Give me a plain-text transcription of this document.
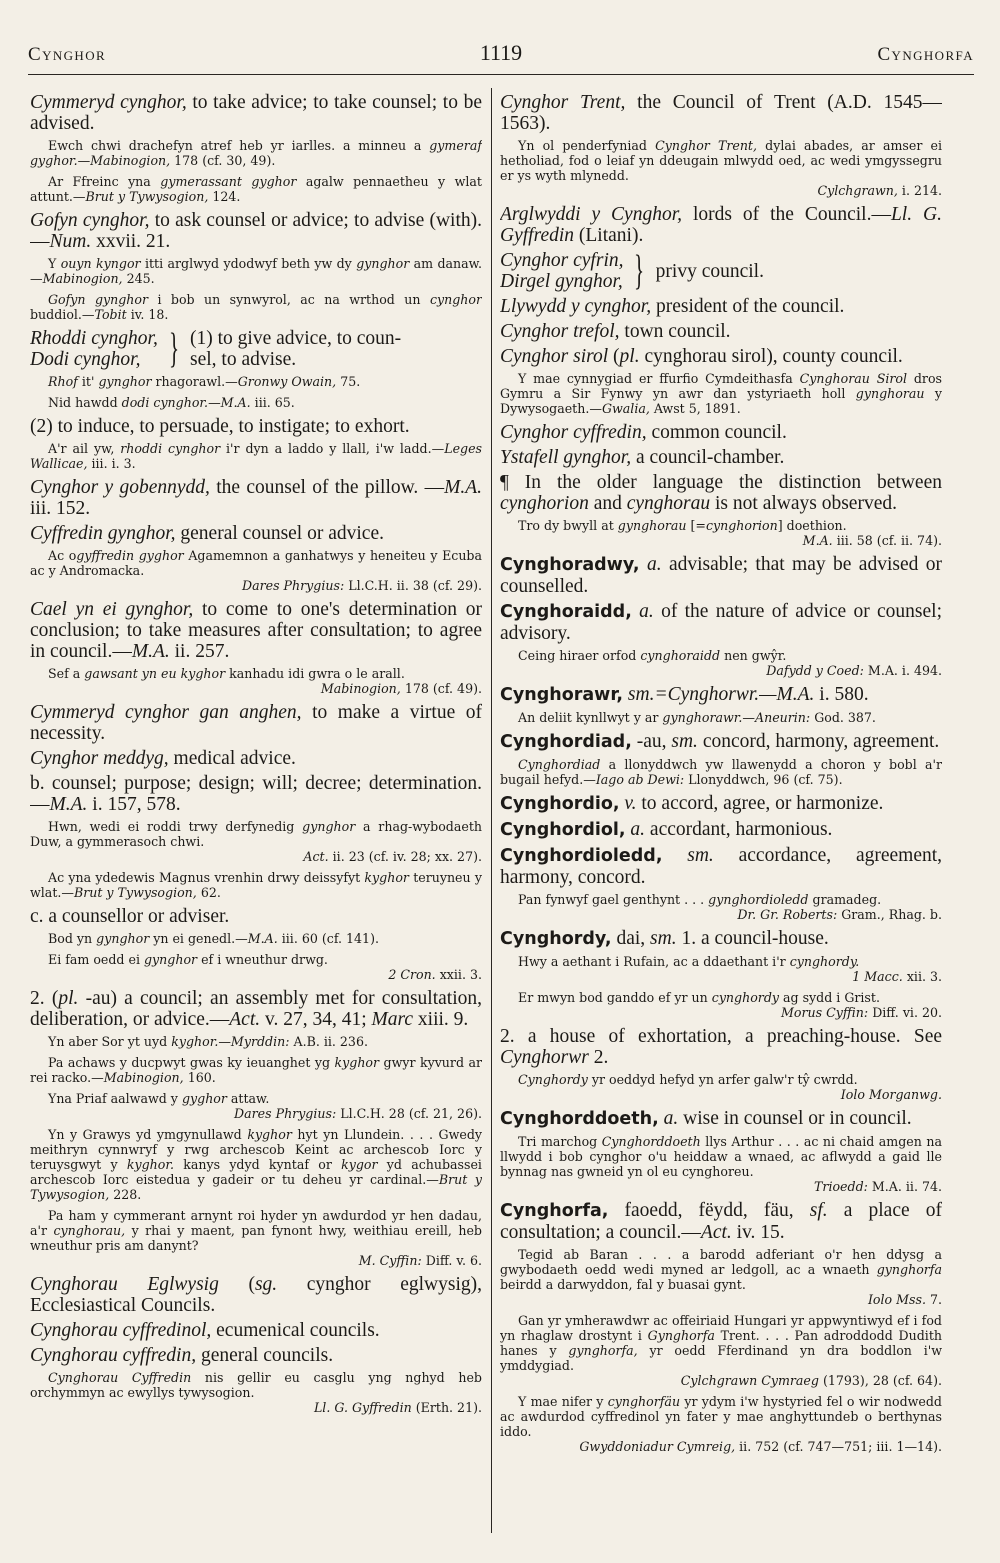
Cynghor	1119	Cynghorfa

Cymmeryd cynghor, to take advice; to take counsel; to be advised.

Ewch chwi drachefyn atref heb yr iarlles. a minneu a gymeraf gyghor.—Mabinogion, 178 (cf. 30, 49).

Ar Ffreinc yna gymerassant gyghor agalw pennaetheu y wlat attunt.—Brut y Tywysogion, 124.

Gofyn cynghor, to ask counsel or advice; to advise (with).—Num. xxvii. 21.

Y ouyn kyngor itti arglwyd ydodwyf beth yw dy gynghor am danaw.—Mabinogion, 245.

Gofyn gynghor i bob un synwyrol, ac na wrthod un cynghor buddiol.—Tobit iv. 18.

Rhoddi cynghor,
Dodi cynghor, } (1) to give advice, to coun-
sel, to advise.

Rhof it' gynghor rhagorawl.—Gronwy Owain, 75.

Nid hawdd dodi cynghor.—M.A. iii. 65.

(2) to induce, to persuade, to instigate; to exhort.

A'r ail yw, rhoddi cynghor i'r dyn a laddo y llall, i'w ladd.—Leges Wallicae, iii. i. 3.

Cynghor y gobennydd, the counsel of the pillow. —M.A. iii. 152.

Cyffredin gynghor, general counsel or advice.

Ac ogyffredin gyghor Agamemnon a ganhatwys y heneiteu y Ecuba ac y Andromacka.
Dares Phrygius: Ll.C.H. ii. 38 (cf. 29).

Cael yn ei gynghor, to come to one's determination or conclusion; to take measures after consultation; to agree in council.—M.A. ii. 257.

Sef a gawsant yn eu kyghor kanhadu idi gwra o le arall.
Mabinogion, 178 (cf. 49).

Cymmeryd cynghor gan anghen, to make a virtue of necessity.

Cynghor meddyg, medical advice.

b. counsel; purpose; design; will; decree; determination.—M.A. i. 157, 578.

Hwn, wedi ei roddi trwy derfynedig gynghor a rhag-wybodaeth Duw, a gymmerasoch chwi.
Act. ii. 23 (cf. iv. 28; xx. 27).

Ac yna ydedewis Magnus vrenhin drwy deissyfyt kyghor teruyneu y wlat.—Brut y Tywysogion, 62.

c. a counsellor or adviser.

Bod yn gynghor yn ei genedl.—M.A. iii. 60 (cf. 141).

Ei fam oedd ei gynghor ef i wneuthur drwg.
2 Cron. xxii. 3.

2. (pl. -au) a council; an assembly met for consultation, deliberation, or advice.—Act. v. 27, 34, 41; Marc xiii. 9.

Yn aber Sor yt uyd kyghor.—Myrddin: A.B. ii. 236.

Pa achaws y ducpwyt gwas ky ieuanghet yg kyghor gwyr kyvurd ar rei racko.—Mabinogion, 160.

Yna Priaf aalwawd y gyghor attaw.
Dares Phrygius: Ll.C.H. 28 (cf. 21, 26).

Yn y Grawys yd ymgynullawd kyghor hyt yn Llundein. . . . Gwedy meithryn cynnwryf y rwg archescob Keint ac archescob Iorc y teruysgwyt y kyghor. kanys ydyd kyntaf or kygor yd achubassei archescob Iorc eistedua y gadeir or tu deheu yr cardinal.—Brut y Tywysogion, 228.

Pa ham y cymmerant arnynt roi hyder yn awdurdod yr hen dadau, a'r cynghorau, y rhai y maent, pan fynont hwy, weithiau ereill, heb wneuthur pris am danynt?
M. Cyffin: Diff. v. 6.

Cynghorau Eglwysig (sg. cynghor eglwysig), Ecclesiastical Councils.

Cynghorau cyffredinol, ecumenical councils.

Cynghorau cyffredin, general councils.

Cynghorau Cyffredin nis gellir eu casglu yng nghyd heb orchymmyn ac ewyllys tywysogion.
Ll. G. Gyffredin (Erth. 21).

Cynghor Trent, the Council of Trent (A.D. 1545—1563).

Yn ol penderfyniad Cynghor Trent, dylai abades, ar amser ei hetholiad, fod o leiaf yn ddeugain mlwydd oed, ac wedi ymgyssegru er ys wyth mlynedd.
Cylchgrawn, i. 214.

Arglwyddi y Cynghor, lords of the Council.—Ll. G. Gyffredin (Litani).

Cynghor cyfrin,
Dirgel gynghor, } privy council.

Llywydd y cynghor, president of the council.

Cynghor trefol, town council.

Cynghor sirol (pl. cynghorau sirol), county council.

Y mae cynnygiad er ffurfio Cymdeithasfa Cynghorau Sirol dros Gymru a Sir Fynwy yn awr dan ystyriaeth holl gynghorau y Dywysogaeth.—Gwalia, Awst 5, 1891.

Cynghor cyffredin, common council.

Ystafell gynghor, a council-chamber.

¶ In the older language the distinction between cynghorion and cynghorau is not always observed.

Tro dy bwyll at gynghorau [=cynghorion] doethion.
M.A. iii. 58 (cf. ii. 74).

Cynghoradwy, a. advisable; that may be advised or counselled.

Cynghoraidd, a. of the nature of advice or counsel; advisory.

Ceing hiraer orfod cynghoraidd nen gwŷr.
Dafydd y Coed: M.A. i. 494.

Cynghorawr, sm.=Cynghorwr.—M.A. i. 580.

An deliit kynllwyt y ar gynghorawr.—Aneurin: God. 387.

Cynghordiad, -au, sm. concord, harmony, agreement.

Cynghordiad a llonyddwch yw llawenydd a choron y bobl a'r bugail hefyd.—Iago ab Dewi: Llonyddwch, 96 (cf. 75).

Cynghordio, v. to accord, agree, or harmonize.

Cynghordiol, a. accordant, harmonious.

Cynghordioledd, sm. accordance, agreement, harmony, concord.

Pan fynwyf gael genthynt . . . gynghordioledd gramadeg.
Dr. Gr. Roberts: Gram., Rhag. b.

Cynghordy, dai, sm. 1. a council-house.

Hwy a aethant i Rufain, ac a ddaethant i'r cynghordy.
1 Macc. xii. 3.

Er mwyn bod ganddo ef yr un cynghordy ag sydd i Grist.
Morus Cyffin: Diff. vi. 20.

2. a house of exhortation, a preaching-house. See Cynghorwr 2.

Cynghordy yr oeddyd hefyd yn arfer galw'r tŷ cwrdd.
Iolo Morganwg.

Cynghorddoeth, a. wise in counsel or in council.

Tri marchog Cynghorddoeth llys Arthur . . . ac ni chaid amgen na llwydd i bob cynghor o'u heiddaw a wnaed, ac aflwydd a gaid lle bynnag nas gwneid yn ol eu cynghoreu.
Trioedd: M.A. ii. 74.

Cynghorfa, faoedd, fëydd, fäu, sf. a place of consultation; a council.—Act. iv. 15.

Tegid ab Baran . . . a barodd adferiant o'r hen ddysg a gwybodaeth oedd wedi myned ar ledgoll, ac a wnaeth gynghorfa beirdd a darwyddon, fal y buasai gynt.
Iolo Mss. 7.

Gan yr ymherawdwr ac offeiriaid Hungari yr appwyntiwyd ef i fod yn rhaglaw drostynt i Gynghorfa Trent. . . . Pan adroddodd Dudith hanes y gynghorfa, yr oedd Fferdinand yn dra boddlon i'w ymddygiad.
Cylchgrawn Cymraeg (1793), 28 (cf. 64).

Y mae nifer y cynghorfäu yr ydym i'w hystyried fel o wir nodwedd ac awdurdod cyffredinol yn fater y mae anghyttundeb o berthynas iddo.
Gwyddoniadur Cymreig, ii. 752 (cf. 747—751; iii. 1—14).
